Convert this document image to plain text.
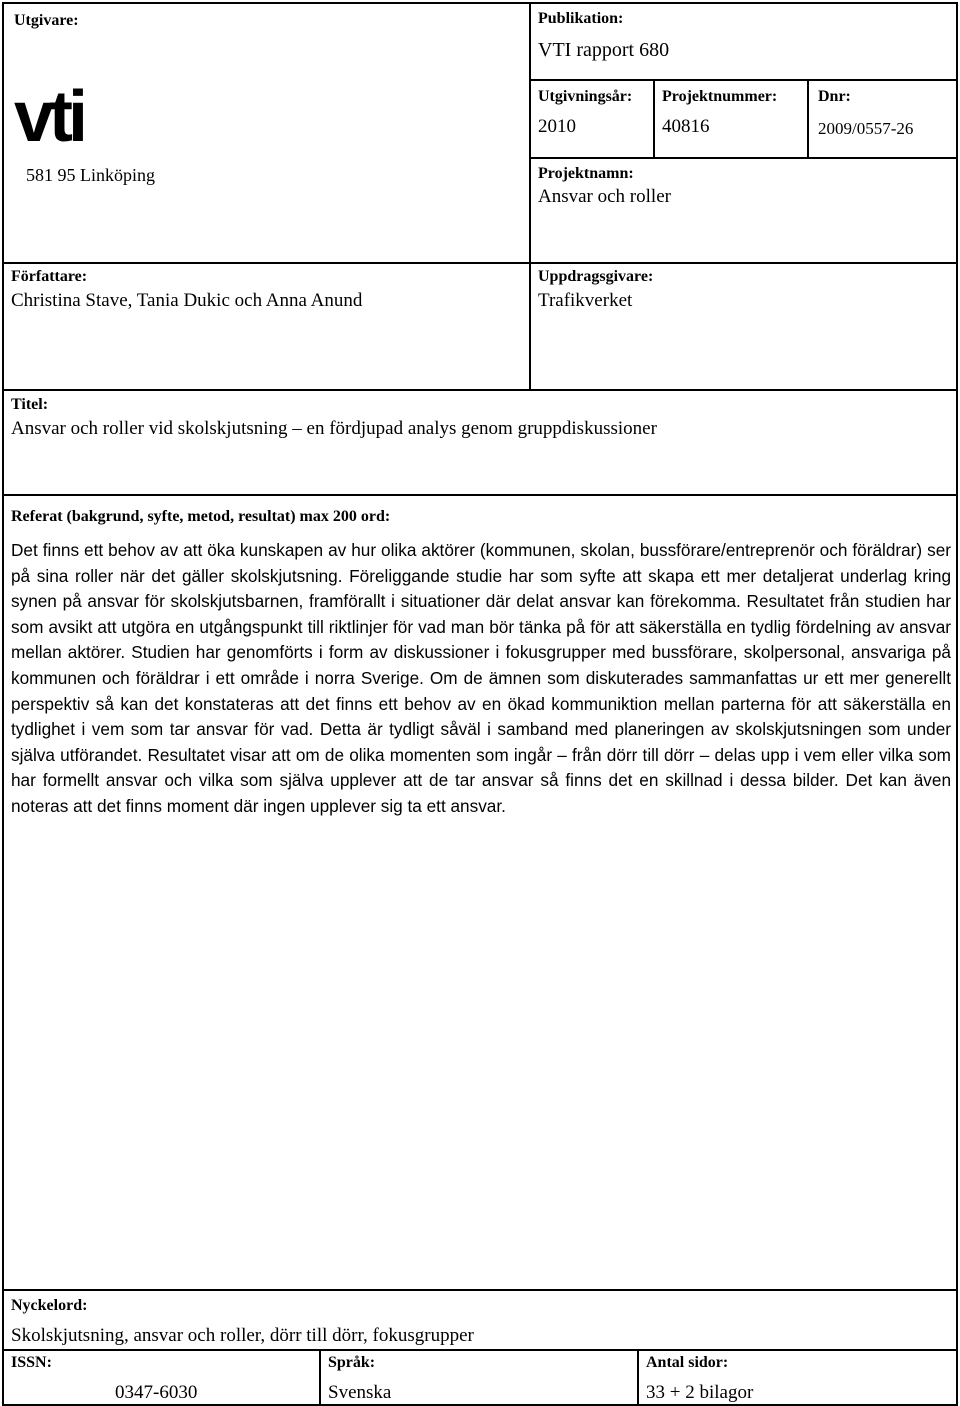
Utgivare:
vti
581 95 Linköping
Publikation:
VTI rapport 680
Utgivningsår:
2010
Projektnummer:
40816
Dnr:
2009/0557-26
Projektnamn:
Ansvar och roller
Författare:
Christina Stave, Tania Dukic och Anna Anund
Uppdragsgivare:
Trafikverket
Titel:
Ansvar och roller vid skolskjutsning – en fördjupad analys genom gruppdiskussioner
Referat (bakgrund, syfte, metod, resultat) max 200 ord:
Det finns ett behov av att öka kunskapen av hur olika aktörer (kommunen, skolan, bussförare/entreprenör och föräldrar) ser på sina roller när det gäller skolskjutsning. Föreliggande studie har som syfte att skapa ett mer detaljerat underlag kring synen på ansvar för skolskjutsbarnen, framförallt i situationer där delat ansvar kan förekomma. Resultatet från studien har som avsikt att utgöra en utgångspunkt till riktlinjer för vad man bör tänka på för att säkerställa en tydlig fördelning av ansvar mellan aktörer. Studien har genomförts i form av diskussioner i fokusgrupper med bussförare, skolpersonal, ansvariga på kommunen och föräldrar i ett område i norra Sverige. Om de ämnen som diskuterades sammanfattas ur ett mer generellt perspektiv så kan det konstateras att det finns ett behov av en ökad kommuniktion mellan parterna för att säkerställa en tydlighet i vem som tar ansvar för vad. Detta är tydligt såväl i samband med planeringen av skolskjutsningen som under själva utförandet. Resultatet visar att om de olika momenten som ingår – från dörr till dörr – delas upp i vem eller vilka som har formellt ansvar och vilka som själva upplever att de tar ansvar så finns det en skillnad i dessa bilder. Det kan även noteras att det finns moment där ingen upplever sig ta ett ansvar.
Nyckelord:
Skolskjutsning, ansvar och roller, dörr till dörr, fokusgrupper
ISSN:
0347-6030
Språk:
Svenska
Antal sidor:
33 + 2 bilagor
